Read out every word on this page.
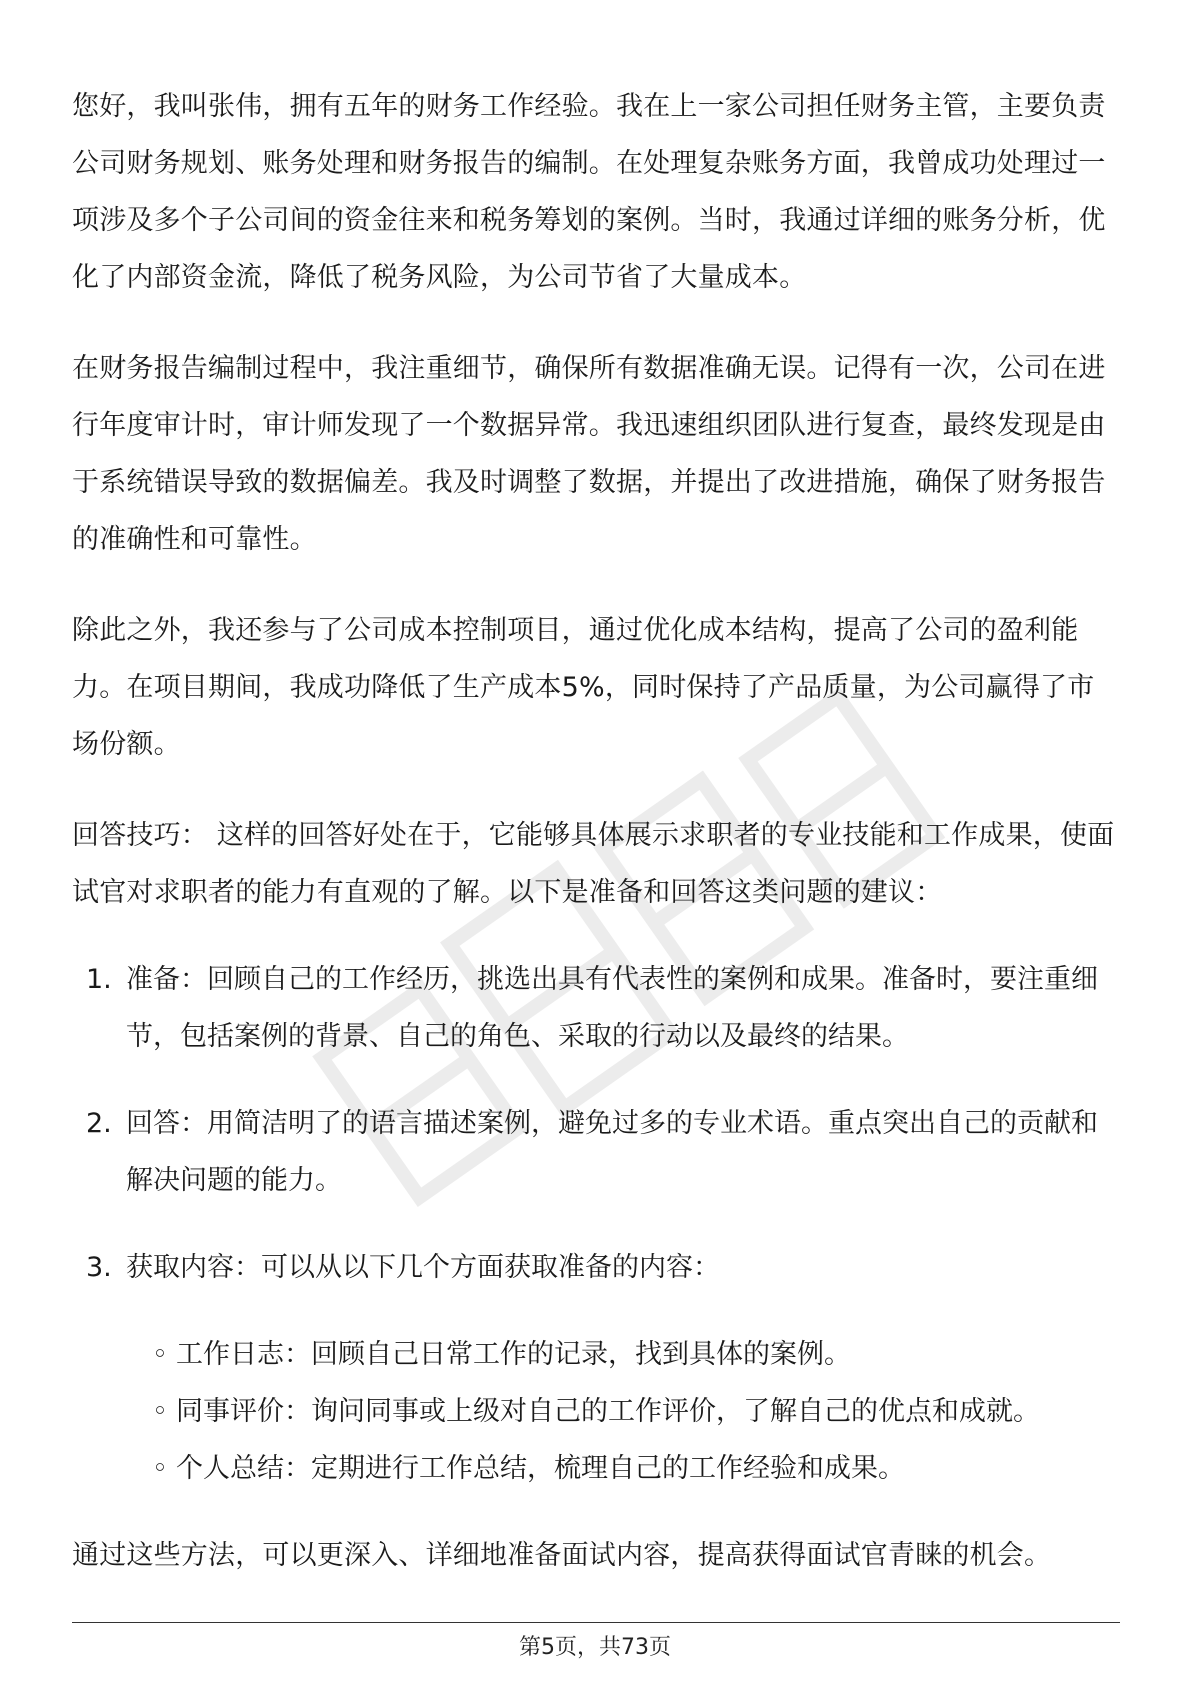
您好，我叫张伟，拥有五年的财务工作经验。我在上一家公司担任财务主管，主要负责公司财务规划、账务处理和财务报告的编制。在处理复杂账务方面，我曾成功处理过一项涉及多个子公司间的资金往来和税务筹划的案例。当时，我通过详细的账务分析，优化了内部资金流，降低了税务风险，为公司节省了大量成本。

在财务报告编制过程中，我注重细节，确保所有数据准确无误。记得有一次，公司在进行年度审计时，审计师发现了一个数据异常。我迅速组织团队进行复查，最终发现是由于系统错误导致的数据偏差。我及时调整了数据，并提出了改进措施，确保了财务报告的准确性和可靠性。

除此之外，我还参与了公司成本控制项目，通过优化成本结构，提高了公司的盈利能力。在项目期间，我成功降低了生产成本5%，同时保持了产品质量，为公司赢得了市场份额。

回答技巧： 这样的回答好处在于，它能够具体展示求职者的专业技能和工作成果，使面试官对求职者的能力有直观的了解。以下是准备和回答这类问题的建议：

1. 准备：回顾自己的工作经历，挑选出具有代表性的案例和成果。准备时，要注重细节，包括案例的背景、自己的角色、采取的行动以及最终的结果。
2. 回答：用简洁明了的语言描述案例，避免过多的专业术语。重点突出自己的贡献和解决问题的能力。
3. 获取内容：可以从以下几个方面获取准备的内容：
◦ 工作日志：回顾自己日常工作的记录，找到具体的案例。
◦ 同事评价：询问同事或上级对自己的工作评价，了解自己的优点和成就。
◦ 个人总结：定期进行工作总结，梳理自己的工作经验和成果。

通过这些方法，可以更深入、详细地准备面试内容，提高获得面试官青睐的机会。

第5页，共73页
